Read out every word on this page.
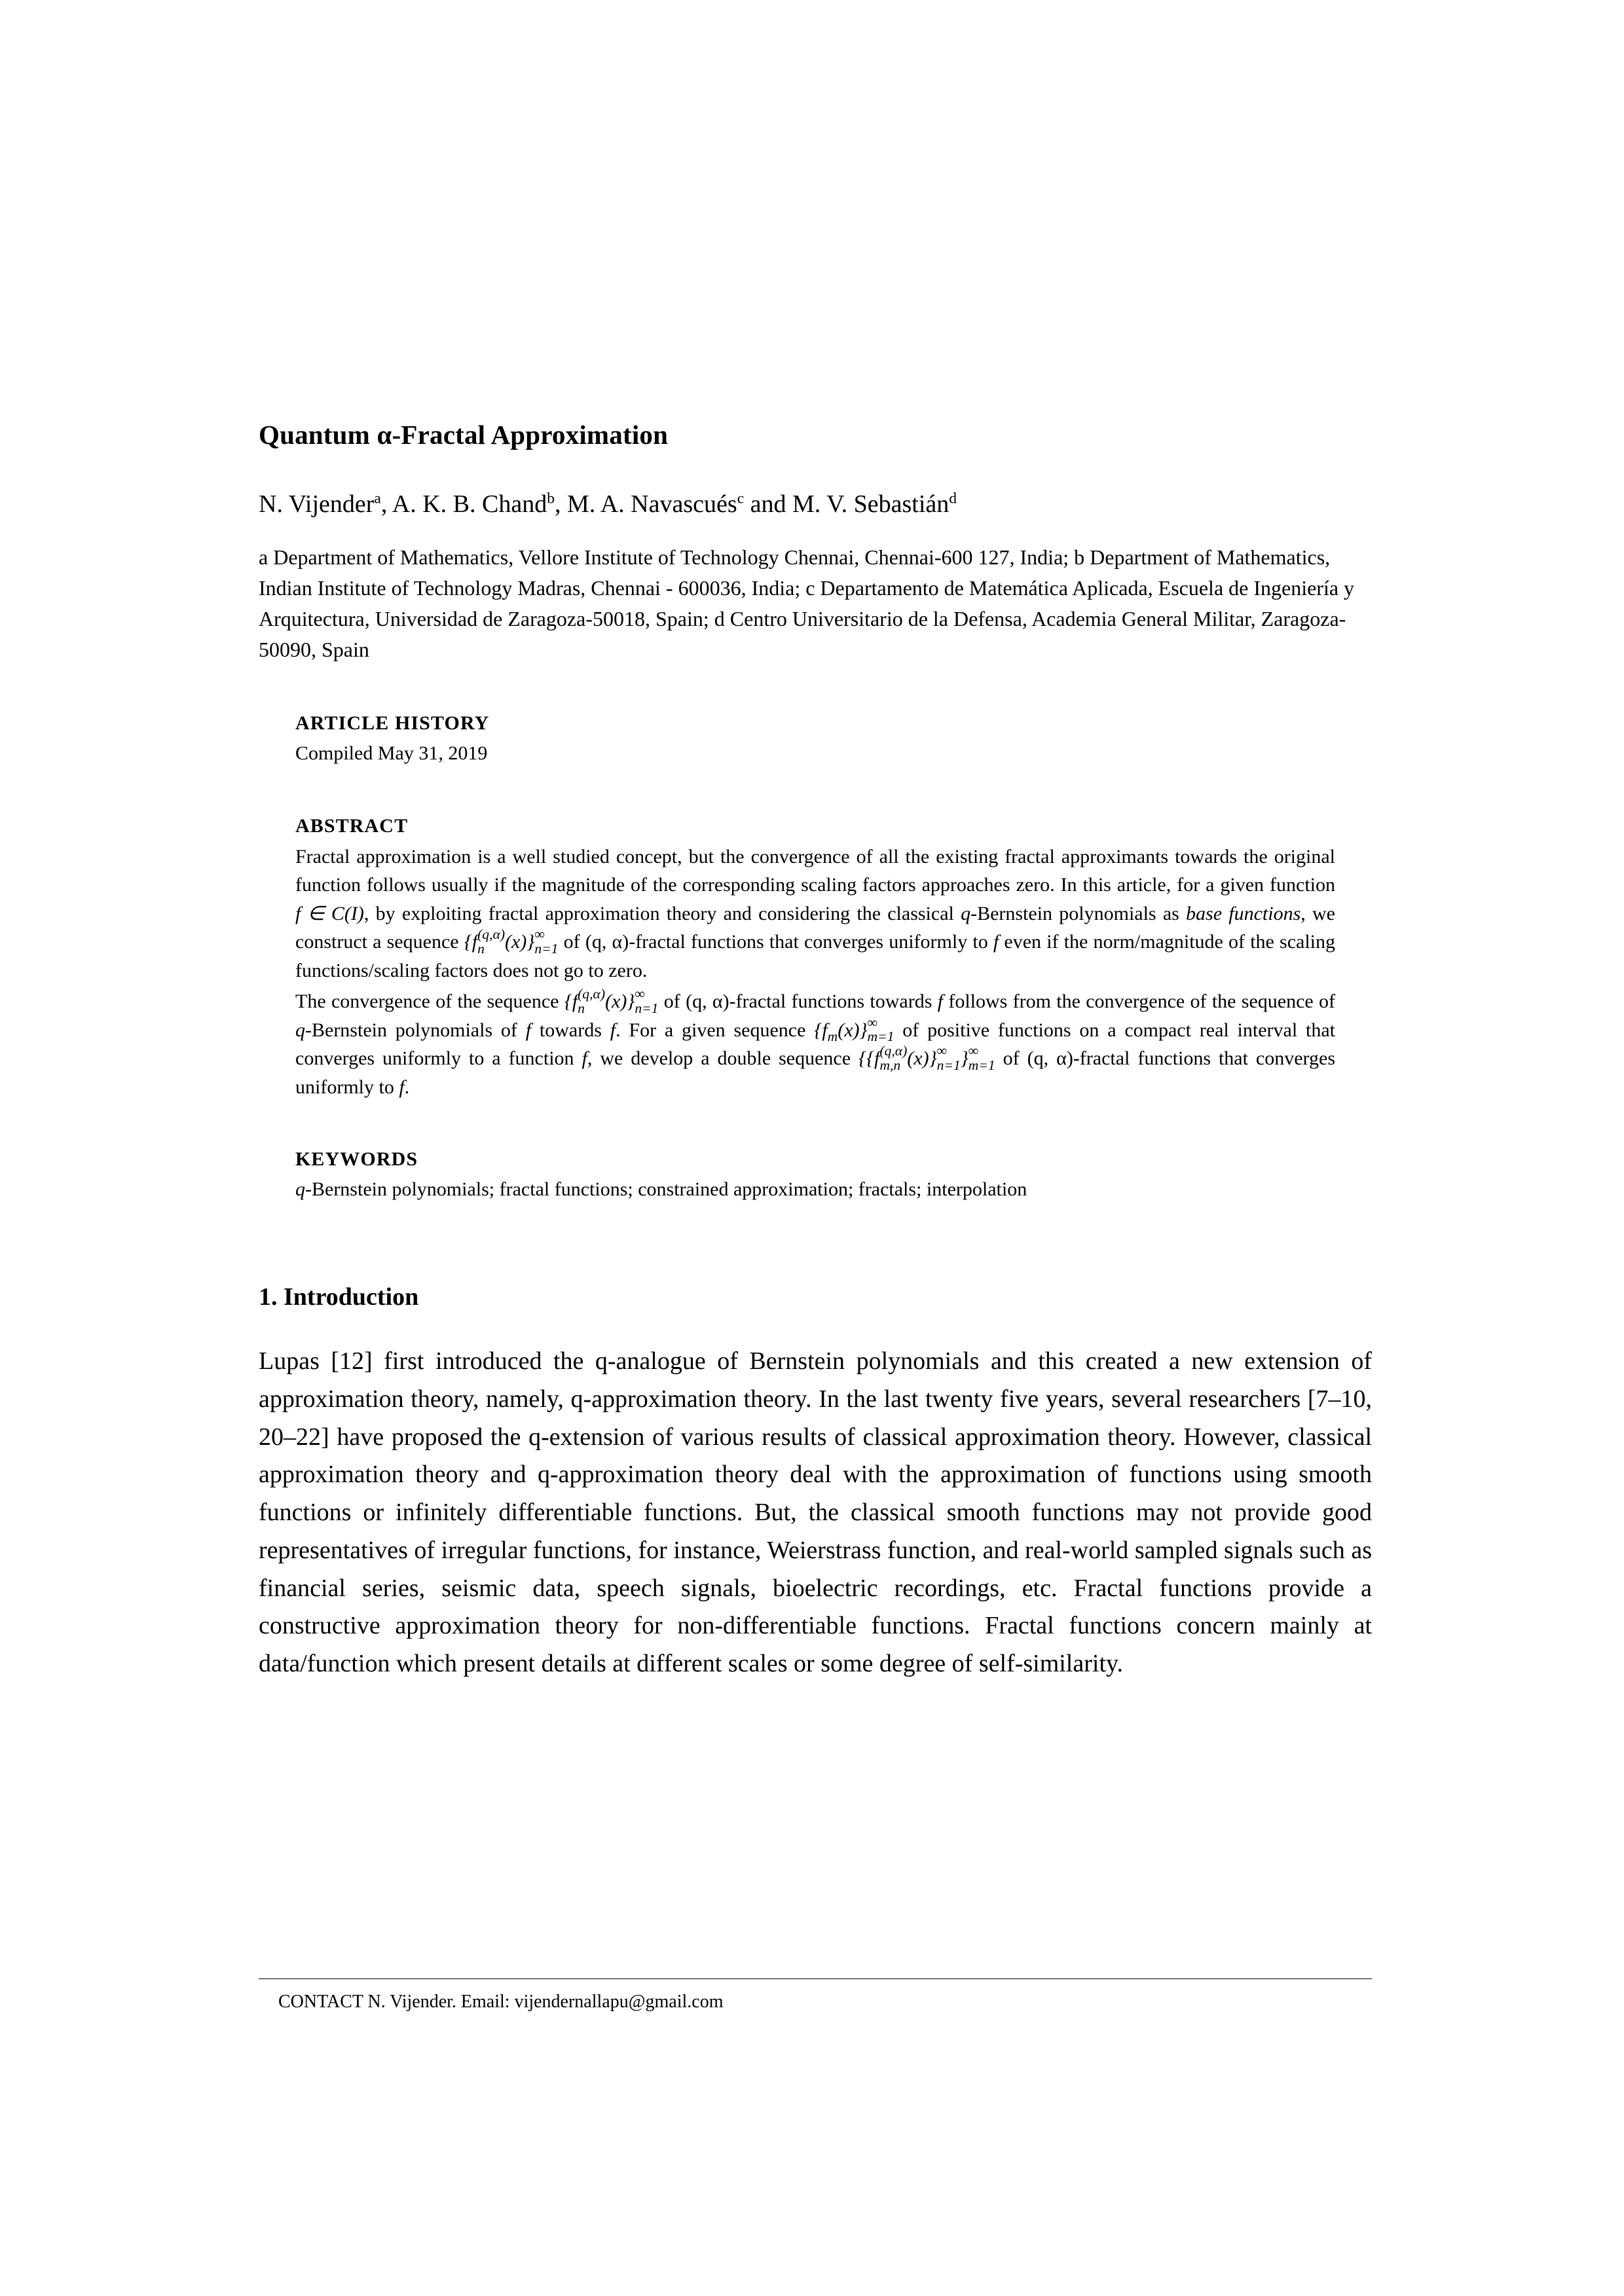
Quantum α-Fractal Approximation
N. Vijender$^a$, A. K. B. Chand$^b$, M. A. Navascués$^c$ and M. V. Sebastián$^d$
a Department of Mathematics, Vellore Institute of Technology Chennai, Chennai-600 127, India; b Department of Mathematics, Indian Institute of Technology Madras, Chennai - 600036, India; c Departamento de Matemática Aplicada, Escuela de Ingeniería y Arquitectura, Universidad de Zaragoza-50018, Spain; d Centro Universitario de la Defensa, Academia General Militar, Zaragoza-50090, Spain
ARTICLE HISTORY
Compiled May 31, 2019
ABSTRACT

Fractal approximation is a well studied concept, but the convergence of all the existing fractal approximants towards the original function follows usually if the magnitude of the corresponding scaling factors approaches zero. In this article, for a given function f ∈ C(I), by exploiting fractal approximation theory and considering the classical q-Bernstein polynomials as base functions, we construct a sequence {f (q,α)
n	(x)} ∞
n=1 of (q, α)-fractal functions that converges uniformly to f even if the norm/magnitude of the scaling functions/scaling factors does not go to zero.

The convergence of the sequence {f (q,α)
n	(x)} ∞
n=1 of (q, α)-fractal functions towards f follows from the convergence of the sequence of q-Bernstein polynomials of f towards f. For a given sequence $\{f_m(x)\}$ ∞
m=1 of positive functions on a compact real interval that converges uniformly to a function f, we develop a double sequence {{f (q,α)
m,n (x)} ∞
n=1 } ∞
m=1 of (q, α)-fractal functions that converges uniformly to f.

KEYWORDS
q-Bernstein polynomials; fractal functions; constrained approximation; fractals; interpolation
1. Introduction

Lupas [12] first introduced the q-analogue of Bernstein polynomials and this created a new extension of approximation theory, namely, q-approximation theory. In the last twenty five years, several researchers [7–10, 20–22] have proposed the q-extension of various results of classical approximation theory. However, classical approximation theory and q-approximation theory deal with the approximation of functions using smooth functions or infinitely differentiable functions. But, the classical smooth functions may not provide good representatives of irregular functions, for instance, Weierstrass function, and real-world sampled signals such as financial series, seismic data, speech signals, bioelectric recordings, etc. Fractal functions provide a constructive approximation theory for non-differentiable functions. Fractal functions concern mainly at data/function which present details at different scales or some degree of self-similarity.

CONTACT N. Vijender. Email: vijendernallapu@gmail.com
